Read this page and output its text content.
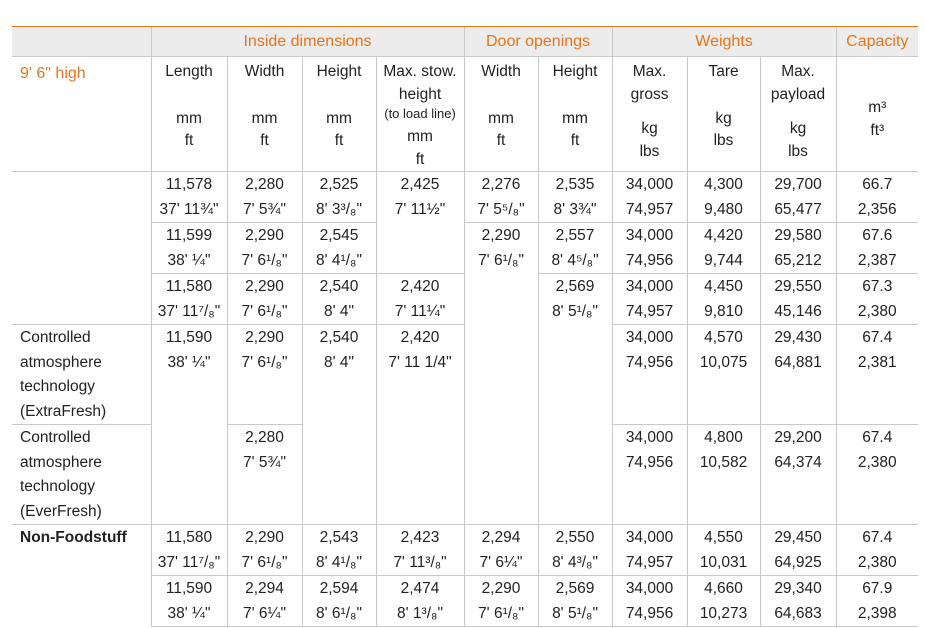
	Inside dimensions				Door openings		Weights			Capacity
9' 6" high	Length
mm
ft	Width
mm
ft	Height
mm
ft	Max. stow.
height
(to load line)
mm
ft	Width
mm
ft	Height
mm
ft	Max.
gross
kg
lbs	Tare
kg
lbs	Max.
payload
kg
lbs	m³
ft³

	11,578
37' 11¾"	2,280
7' 5¾"	2,525
8' 3³/₈"	2,425
7' 11½"	2,276
7' 5⁵/₈"	2,535
8' 3¾"	34,000
74,957	4,300
9,480	29,700
65,477	66.7
2,356

	11,599
38' ¼"	2,290
7' 6¹/₈"	2,545
8' 4¹/₈"		2,290
7' 6¹/₈"	2,557
8' 4⁵/₈"	34,000
74,956	4,420
9,744	29,580
65,212	67.6
2,387

	11,580
37' 11⁷/₈"	2,290
7' 6¹/₈"	2,540
8' 4"	2,420
7' 11¼"		2,569
8' 5¹/₈"	34,000
74,957	4,450
9,810	29,550
45,146	67.3
2,380

Controlled
atmosphere
technology
(ExtraFresh)	11,590
38' ¼"	2,290
7' 6¹/₈"	2,540
8' 4"	2,420
7' 11 1/4"			34,000
74,956	4,570
10,075	29,430
64,881	67.4
2,381

Controlled
atmosphere
technology
(EverFresh)		2,280
7' 5¾"					34,000
74,956	4,800
10,582	29,200
64,374	67.4
2,380

Non-Foodstuff	11,580
37' 11⁷/₈"	2,290
7' 6¹/₈"	2,543
8' 4¹/₈"	2,423
7' 11³/₈"	2,294
7' 6¼"	2,550
8' 4³/₈"	34,000
74,957	4,550
10,031	29,450
64,925	67.4
2,380

	11,590
38' ¼"	2,294
7' 6¼"	2,594
8' 6¹/₈"	2,474
8' 1³/₈"	2,290
7' 6¹/₈"	2,569
8' 5¹/₈"	34,000
74,956	4,660
10,273	29,340
64,683	67.9
2,398
